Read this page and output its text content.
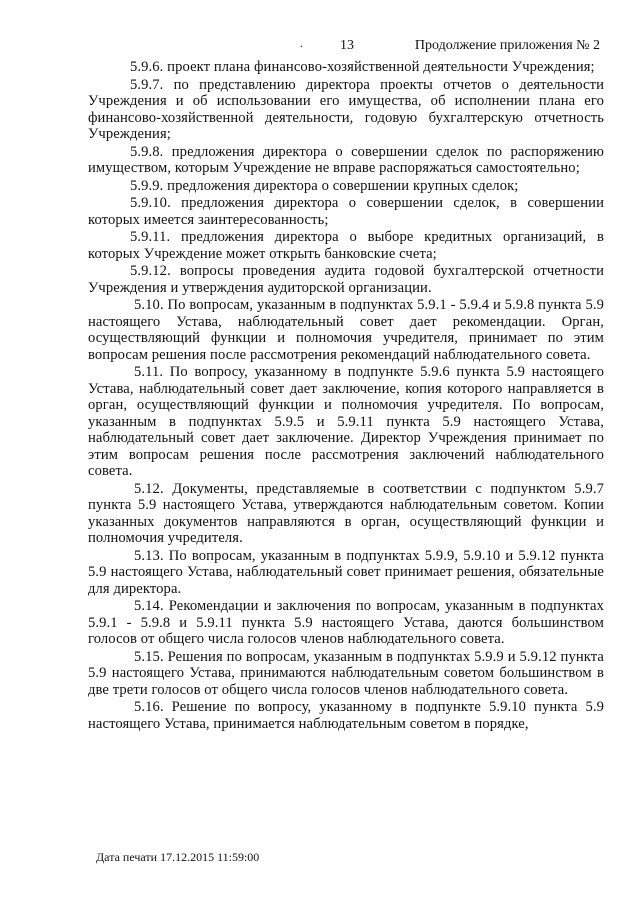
.	13	Продолжение приложения № 2

5.9.6. проект плана финансово-хозяйственной деятельности Учреждения;

5.9.7. по представлению директора проекты отчетов о деятельности Учреждения и об использовании его имущества, об исполнении плана его финансово-хозяйственной деятельности, годовую бухгалтерскую отчетность Учреждения;

5.9.8. предложения директора о совершении сделок по распоряжению имуществом, которым Учреждение не вправе распоряжаться самостоятельно;

5.9.9. предложения директора о совершении крупных сделок;

5.9.10. предложения директора о совершении сделок, в совершении которых имеется заинтересованность;

5.9.11. предложения директора о выборе кредитных организаций, в которых Учреждение может открыть банковские счета;

5.9.12. вопросы проведения аудита годовой бухгалтерской отчетности Учреждения и утверждения аудиторской организации.

5.10. По вопросам, указанным в подпунктах 5.9.1 - 5.9.4 и 5.9.8 пункта 5.9 настоящего Устава, наблюдательный совет дает рекомендации. Орган, осуществляющий функции и полномочия учредителя, принимает по этим вопросам решения после рассмотрения рекомендаций наблюдательного совета.

5.11. По вопросу, указанному в подпункте 5.9.6 пункта 5.9 настоящего Устава, наблюдательный совет дает заключение, копия которого направляется в орган, осуществляющий функции и полномочия учредителя. По вопросам, указанным в подпунктах 5.9.5 и 5.9.11 пункта 5.9 настоящего Устава, наблюдательный совет дает заключение. Директор Учреждения принимает по этим вопросам решения после рассмотрения заключений наблюдательного совета.

5.12. Документы, представляемые в соответствии с подпунктом 5.9.7 пункта 5.9 настоящего Устава, утверждаются наблюдательным советом. Копии указанных документов направляются в орган, осуществляющий функции и полномочия учредителя.

5.13. По вопросам, указанным в подпунктах 5.9.9, 5.9.10 и 5.9.12 пункта 5.9 настоящего Устава, наблюдательный совет принимает решения, обязательные для директора.

5.14. Рекомендации и заключения по вопросам, указанным в подпунктах 5.9.1 - 5.9.8 и 5.9.11 пункта 5.9 настоящего Устава, даются большинством голосов от общего числа голосов членов наблюдательного совета.

5.15. Решения по вопросам, указанным в подпунктах 5.9.9 и 5.9.12 пункта 5.9 настоящего Устава, принимаются наблюдательным советом большинством в две трети голосов от общего числа голосов членов наблюдательного совета.

5.16. Решение по вопросу, указанному в подпункте 5.9.10 пункта 5.9 настоящего Устава, принимается наблюдательным советом в порядке,

Дата печати 17.12.2015 11:59:00
